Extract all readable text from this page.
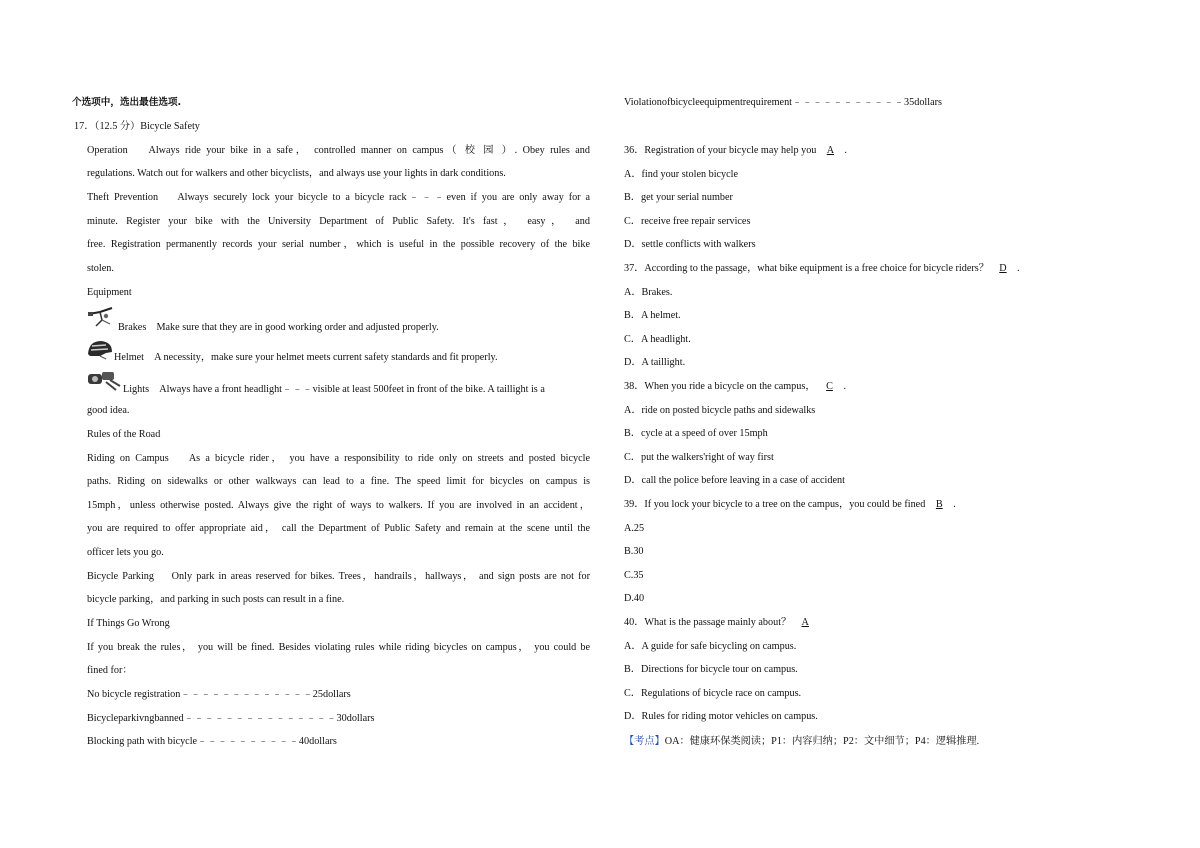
个选项中，选出最佳选项.
17．（12.5 分）Bicycle Safety
Operation　 Always ride your bike in a safe， controlled manner on campus（ 校 园 ）. Obey rules and
regulations. Watch out for walkers and other bicyclists，and always use your lights in dark conditions.
Theft Prevention　 Always securely lock your bicycle to a bicycle rack﹣﹣﹣even if you are only away for a
minute. Register your bike with the University Department of Public Safety. It's fast， easy， and
free. Registration permanently records your serial number，which is useful in the possible recovery of the bike
stolen.
Equipment
Brakes　Make sure that they are in good working order and adjusted properly.
Helmet　A necessity，make sure your helmet meets current safety standards and fit properly.
Lights　Always have a front headlight﹣﹣﹣visible at least 500feet in front of the bike. A taillight is a
good idea.
Rules of the Road
Riding on Campus　 As a bicycle rider， you have a responsibility to ride only on streets and posted bicycle
paths. Riding on sidewalks or other walkways can lead to a fine. The speed limit for bicycles on campus is
15mph，unless otherwise posted. Always give the right of ways to walkers. If you are involved in an accident，
you are required to offer appropriate aid， call the Department of Public Safety and remain at the scene until the
officer lets you go.
Bicycle Parking　 Only park in areas reserved for bikes. Trees，handrails，hallways， and sign posts are not for
bicycle parking，and parking in such posts can result in a fine.
If Things Go Wrong
If you break the rules， you will be fined. Besides violating rules while riding bicycles on campus， you could be
fined for：
No bicycle registration﹣﹣﹣﹣﹣﹣﹣﹣﹣﹣﹣﹣﹣25dollars
Bicycleparkivngbanned﹣﹣﹣﹣﹣﹣﹣﹣﹣﹣﹣﹣﹣﹣﹣30dollars
Blocking path with bicycle﹣﹣﹣﹣﹣﹣﹣﹣﹣﹣40dollars
Violationofbicycleequipmentrequirement﹣﹣﹣﹣﹣﹣﹣﹣﹣﹣﹣35dollars
36．Registration of your bicycle may help you A .
A．find your stolen bicycle
B．get your serial number
C．receive free repair services
D．settle conflicts with walkers
37．According to the passage，what bike equipment is a free choice for bicycle riders？ D .
A．Brakes.
B．A helmet.
C．A headlight.
D．A taillight.
38．When you ride a bicycle on the campus， C .
A．ride on posted bicycle paths and sidewalks
B．cycle at a speed of over 15mph
C．put the walkers'right of way first
D．call the police before leaving in a case of accident
39．If you lock your bicycle to a tree on the campus，you could be fined B .
A.25
B.30
C.35
D.40
40．What is the passage mainly about？ A
A．A guide for safe bicycling on campus.
B．Directions for bicycle tour on campus.
C．Regulations of bicycle race on campus.
D．Rules for riding motor vehicles on campus.
【考点】OA：健康环保类阅读；P1：内容归纳；P2：文中细节；P4：逻辑推理.
